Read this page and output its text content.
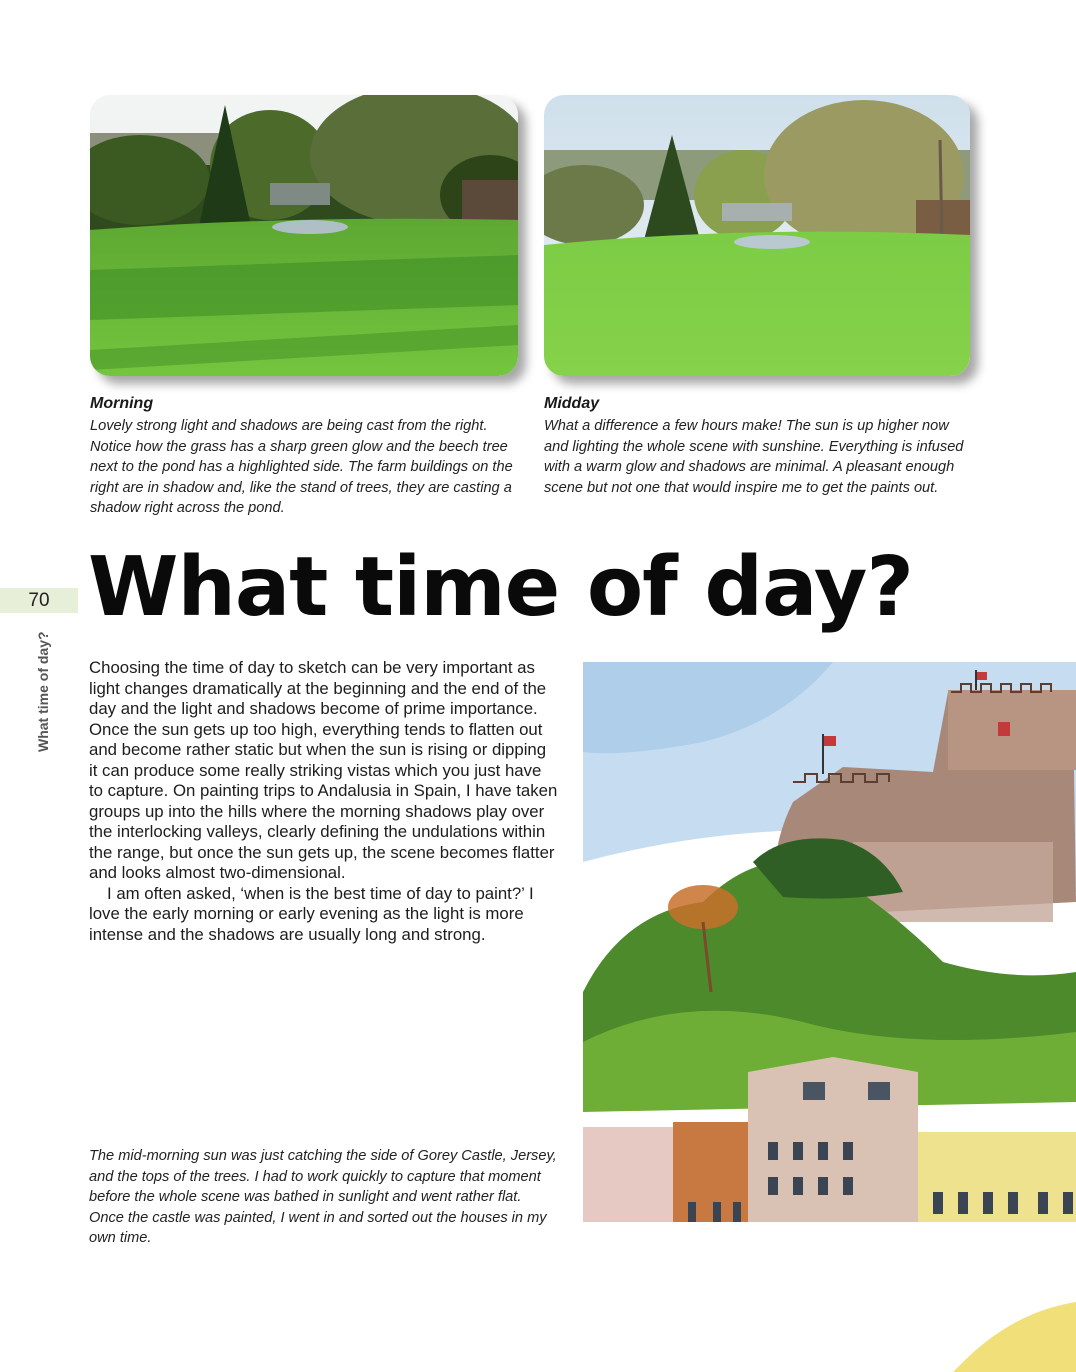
Morning

Lovely strong light and shadows are being cast from the right. Notice how the grass has a sharp green glow and the beech tree next to the pond has a highlighted side. The farm buildings on the right are in shadow and, like the stand of trees, they are casting a shadow right across the pond.

Midday

What a difference a few hours make! The sun is up higher now and lighting the whole scene with sunshine. Everything is infused with a warm glow and shadows are minimal. A pleasant enough scene but not one that would inspire me to get the paints out.

70
What time of day?
What time of day?

Choosing the time of day to sketch can be very important as light changes dramatically at the beginning and the end of the day and the light and shadows become of prime importance. Once the sun gets up too high, everything tends to flatten out and become rather static but when the sun is rising or dipping it can produce some really striking vistas which you just have to capture. On painting trips to Andalusia in Spain, I have taken groups up into the hills where the morning shadows play over the interlocking valleys, clearly defining the undulations within the range, but once the sun gets up, the scene becomes flatter and looks almost two-dimensional.

I am often asked, ‘when is the best time of day to paint?’ I love the early morning or early evening as the light is more intense and the shadows are usually long and strong.

The mid-morning sun was just catching the side of Gorey Castle, Jersey, and the tops of the trees. I had to work quickly to capture that moment before the whole scene was bathed in sunlight and went rather flat. Once the castle was painted, I went in and sorted out the houses in my own time.
